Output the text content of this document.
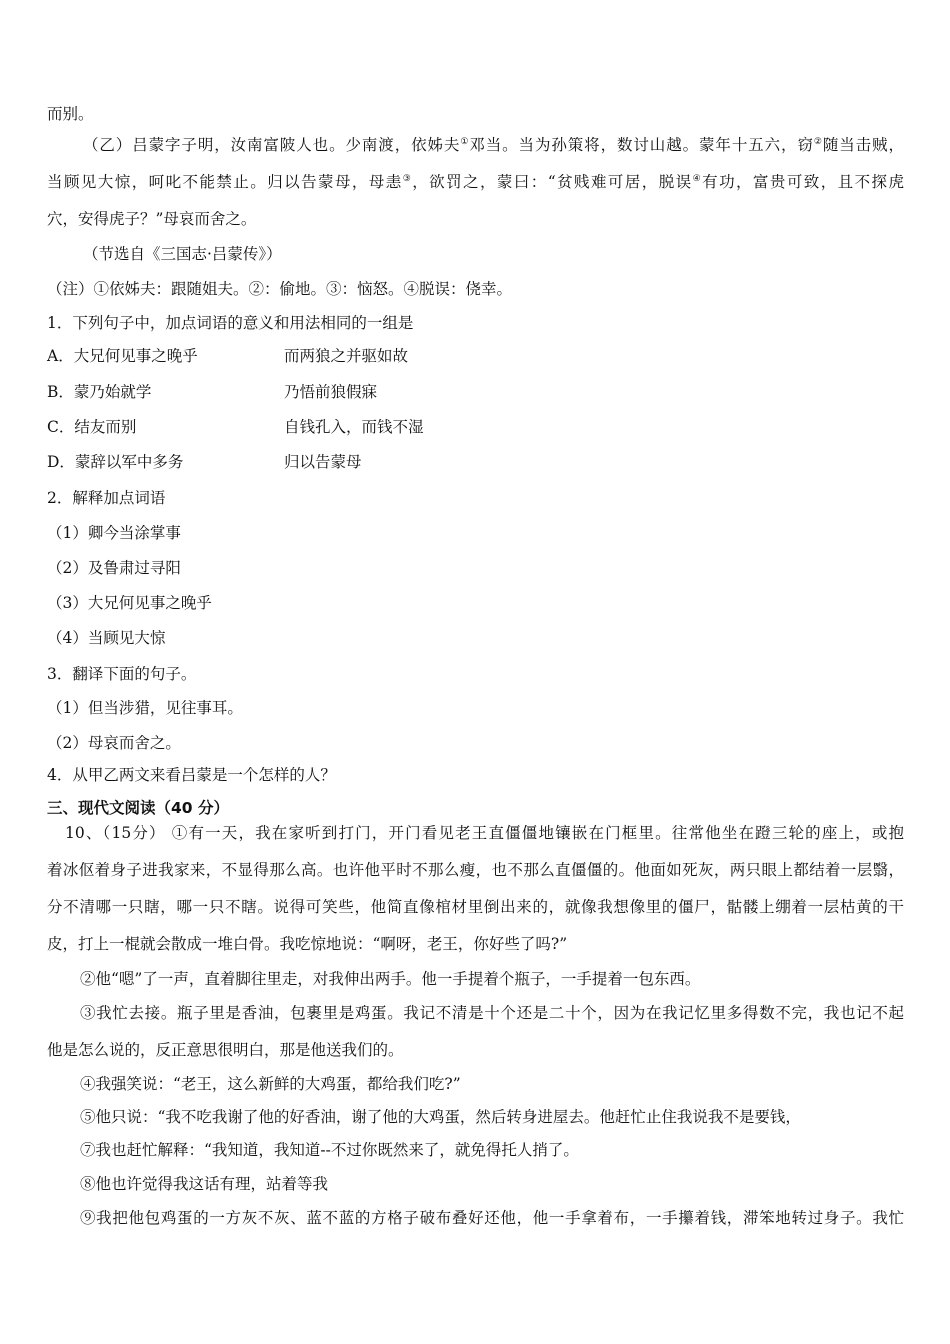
而别。
（乙）吕蒙字子明，汝南富陂人也。少南渡，依姊夫①邓当。当为孙策将，数讨山越。蒙年十五六，窃②随当击贼，
当顾见大惊，呵叱不能禁止。归以告蒙母，母恚③，欲罚之，蒙曰：“贫贱难可居，脱误④有功，富贵可致，且不探虎
穴，安得虎子？”母哀而舍之。
（节选自《三国志·吕蒙传》）
（注）①依姊夫：跟随姐夫。②：偷地。③：恼怒。④脱误：侥幸。
1．下列句子中，加点词语的意义和用法相同的一组是
A．大兄何见事之晚乎	而两狼之并驱如故
B．蒙乃始就学	乃悟前狼假寐
C．结友而别	自钱孔入，而钱不湿
D．蒙辞以军中多务	归以告蒙母
2．解释加点词语
（1）卿今当涂掌事
（2）及鲁肃过寻阳
（3）大兄何见事之晚乎
（4）当顾见大惊
3．翻译下面的句子。
（1）但当涉猎，见往事耳。
（2）母哀而舍之。
4．从甲乙两文来看吕蒙是一个怎样的人？
三、现代文阅读（40 分）
10、（15分） ①有一天，我在家听到打门，开门看见老王直僵僵地镶嵌在门框里。往常他坐在蹬三轮的座上，或抱
着冰伛着身子进我家来，不显得那么高。也许他平时不那么瘦，也不那么直僵僵的。他面如死灰，两只眼上都结着一层翳，
分不清哪一只瞎，哪一只不瞎。说得可笑些，他简直像棺材里倒出来的，就像我想像里的僵尸，骷髅上绷着一层枯黄的干
皮，打上一棍就会散成一堆白骨。我吃惊地说：“啊呀，老王，你好些了吗?”
②他“嗯”了一声，直着脚往里走，对我伸出两手。他一手提着个瓶子，一手提着一包东西。
③我忙去接。瓶子里是香油，包裹里是鸡蛋。我记不清是十个还是二十个，因为在我记忆里多得数不完，我也记不起
他是怎么说的，反正意思很明白，那是他送我们的。
④我强笑说：“老王，这么新鲜的大鸡蛋，都给我们吃?”
⑤他只说：“我不吃我谢了他的好香油，谢了他的大鸡蛋，然后转身进屋去。他赶忙止住我说我不是要钱，
⑦我也赶忙解释：“我知道，我知道--不过你既然来了，就免得托人捎了。
⑧他也许觉得我这话有理，站着等我
⑨我把他包鸡蛋的一方灰不灰、蓝不蓝的方格子破布叠好还他，他一手拿着布，一手攥着钱，滞笨地转过身子。我忙
